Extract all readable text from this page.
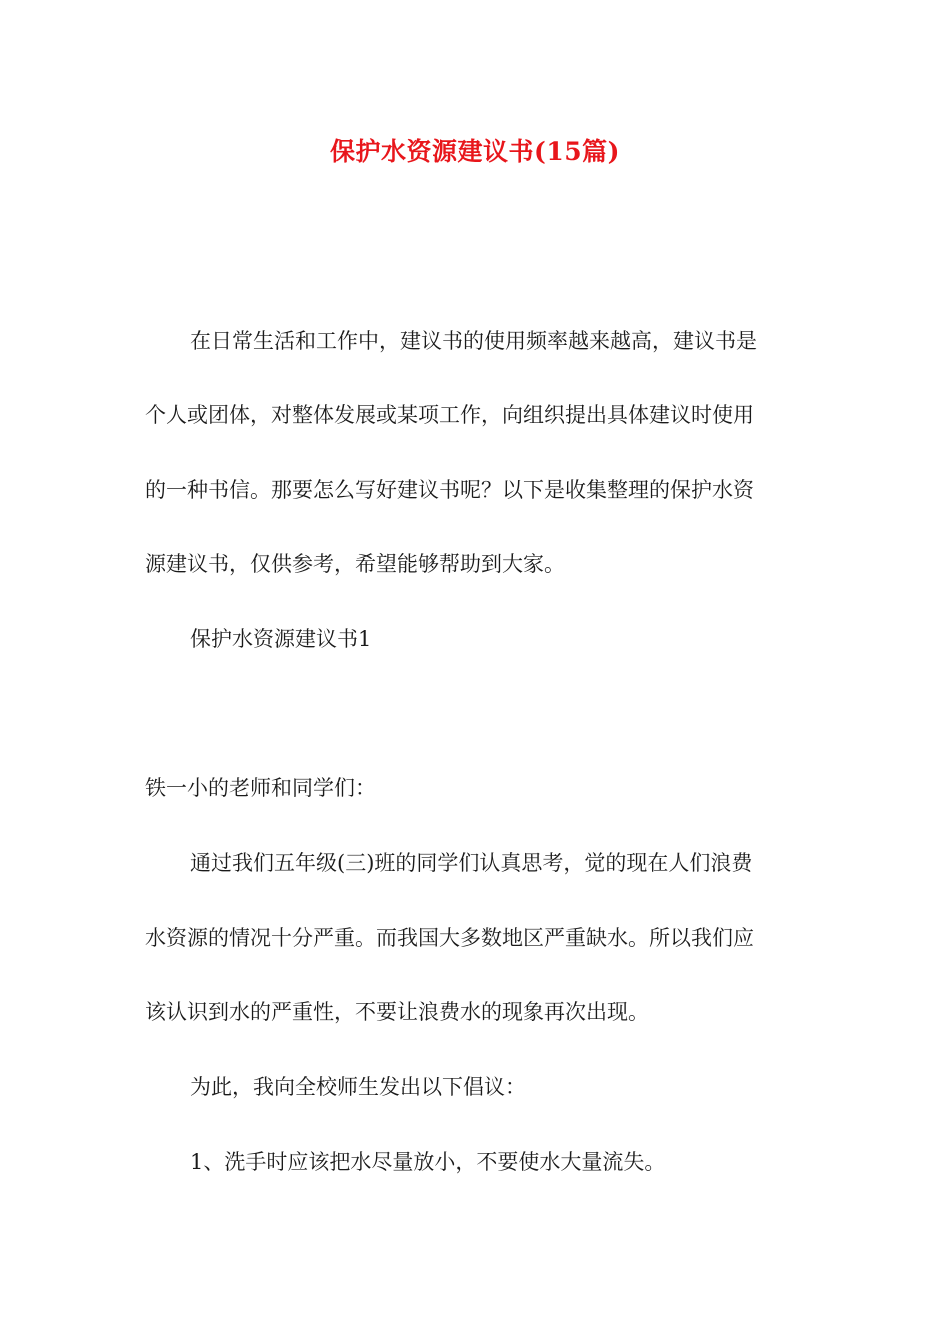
保护水资源建议书(15篇)
在日常生活和工作中，建议书的使用频率越来越高，建议书是
个人或团体，对整体发展或某项工作，向组织提出具体建议时使用
的一种书信。那要怎么写好建议书呢？以下是收集整理的保护水资
源建议书，仅供参考，希望能够帮助到大家。
保护水资源建议书1
铁一小的老师和同学们：
通过我们五年级(三)班的同学们认真思考，觉的现在人们浪费
水资源的情况十分严重。而我国大多数地区严重缺水。所以我们应
该认识到水的严重性，不要让浪费水的现象再次出现。
为此，我向全校师生发出以下倡议：
1、洗手时应该把水尽量放小，不要使水大量流失。
